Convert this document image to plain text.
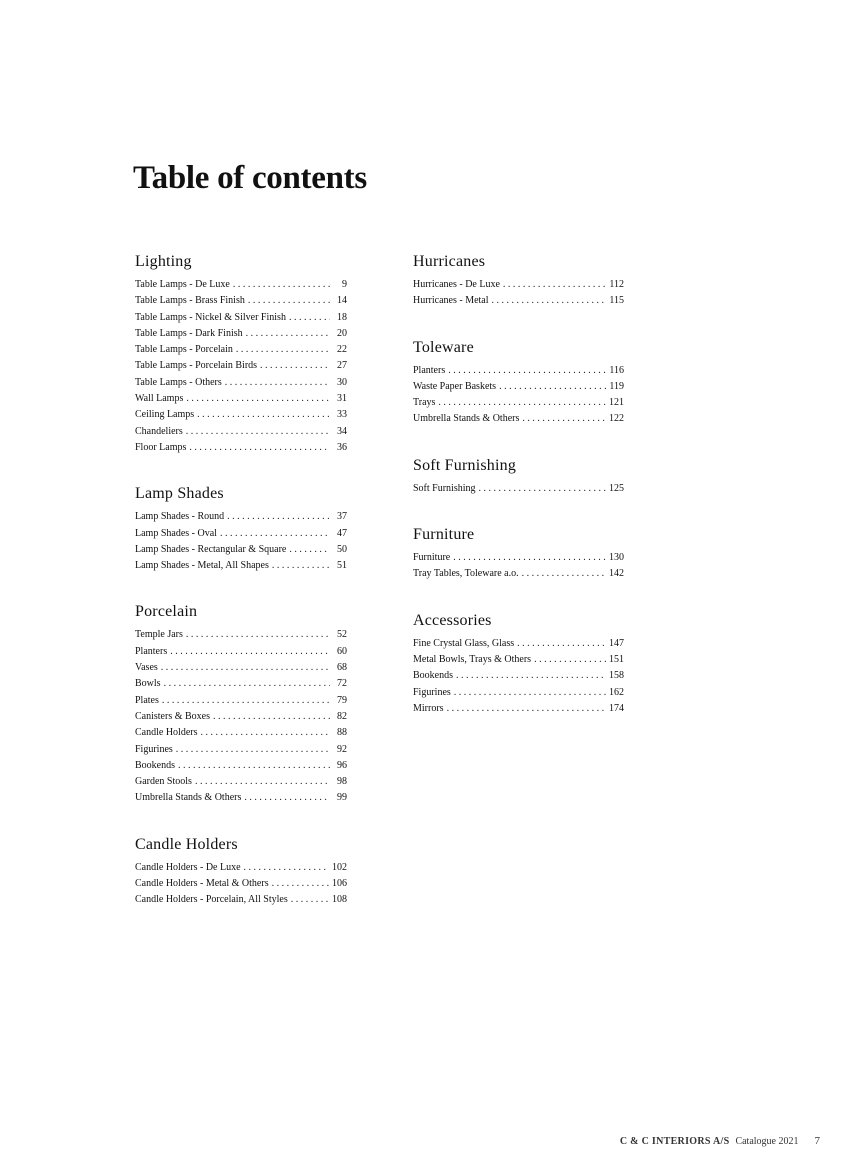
Table of contents
Lighting
Table Lamps - De Luxe . . .	9
Table Lamps - Brass Finish . . .	14
Table Lamps - Nickel & Silver Finish . . .	18
Table Lamps - Dark Finish . . .	20
Table Lamps - Porcelain . . .	22
Table Lamps - Porcelain Birds . . .	27
Table Lamps - Others . . .	30
Wall Lamps . . .	31
Ceiling Lamps . . .	33
Chandeliers . . .	34
Floor Lamps . . .	36
Lamp Shades
Lamp Shades - Round . . .	37
Lamp Shades - Oval . . .	47
Lamp Shades - Rectangular & Square . . .	50
Lamp Shades - Metal, All Shapes . . .	51
Porcelain
Temple Jars . . .	52
Planters . . .	60
Vases . . .	68
Bowls . . .	72
Plates . . .	79
Canisters & Boxes . . .	82
Candle Holders . . .	88
Figurines . . .	92
Bookends . . .	96
Garden Stools . . .	98
Umbrella Stands & Others . . .	99
Candle Holders
Candle Holders - De Luxe . . .	102
Candle Holders - Metal & Others . . .	106
Candle Holders - Porcelain, All Styles . . .	108
Hurricanes
Hurricanes - De Luxe . . .	112
Hurricanes - Metal . . .	115
Toleware
Planters . . .	116
Waste Paper Baskets . . .	119
Trays . . .	121
Umbrella Stands & Others . . .	122
Soft Furnishing
Soft Furnishing . . .	125
Furniture
Furniture . . .	130
Tray Tables, Toleware a.o. . . .	142
Accessories
Fine Crystal Glass, Glass . . .	147
Metal Bowls, Trays & Others . . .	151
Bookends . . .	158
Figurines . . .	162
Mirrors . . .	174
C & C INTERIORS A/S Catalogue 2021 7
